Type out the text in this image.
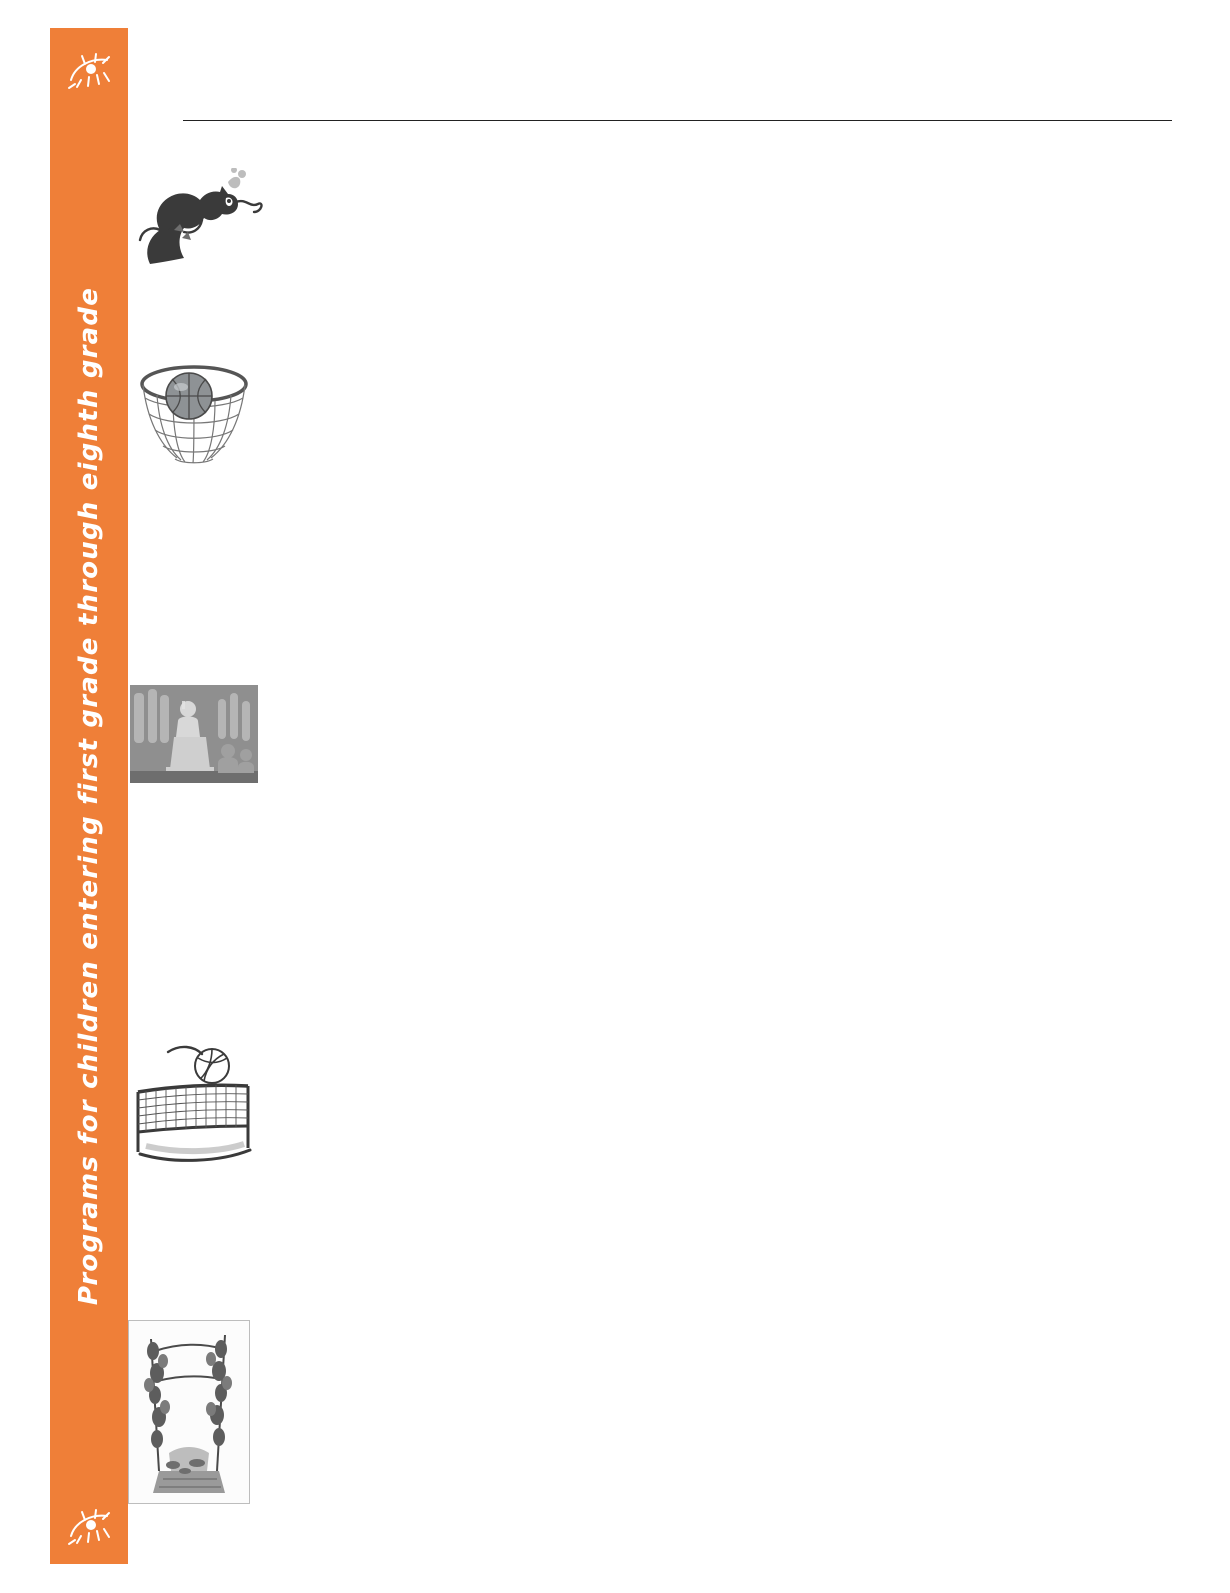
Programs for children entering first grade through eighth grade
